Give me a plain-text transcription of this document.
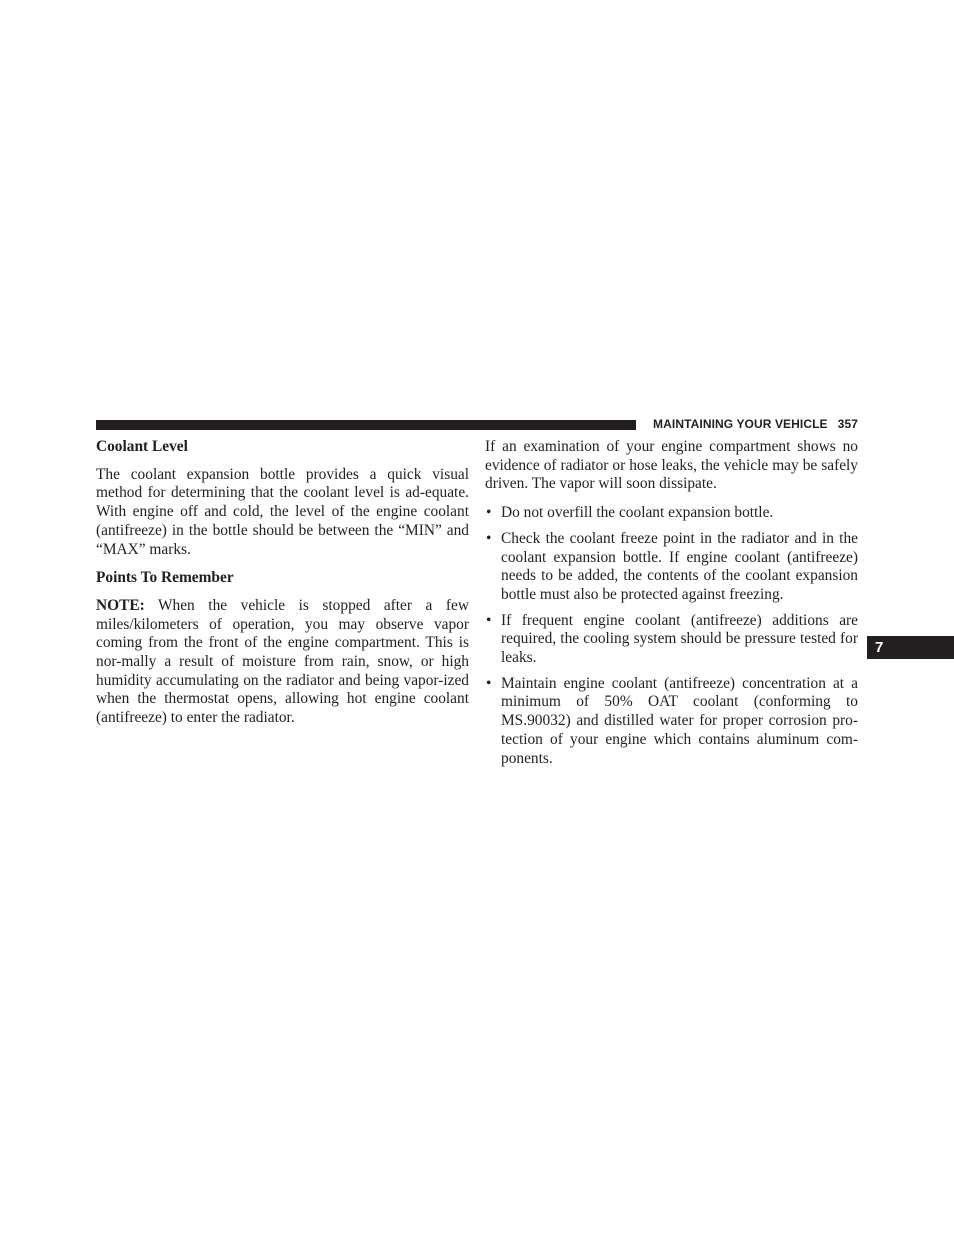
MAINTAINING YOUR VEHICLE 357
7
Coolant Level

The coolant expansion bottle provides a quick visual method for determining that the coolant level is ad-equate. With engine off and cold, the level of the engine coolant (antifreeze) in the bottle should be between the “MIN” and “MAX” marks.

Points To Remember

NOTE: When the vehicle is stopped after a few miles/kilometers of operation, you may observe vapor coming from the front of the engine compartment. This is nor-mally a result of moisture from rain, snow, or high humidity accumulating on the radiator and being vapor-ized when the thermostat opens, allowing hot engine coolant (antifreeze) to enter the radiator.

If an examination of your engine compartment shows no evidence of radiator or hose leaks, the vehicle may be safely driven. The vapor will soon dissipate.

• Do not overfill the coolant expansion bottle.
• Check the coolant freeze point in the radiator and in the coolant expansion bottle. If engine coolant (antifreeze) needs to be added, the contents of the coolant expansion bottle must also be protected against freezing.
• If frequent engine coolant (antifreeze) additions are required, the cooling system should be pressure tested for leaks.
• Maintain engine coolant (antifreeze) concentration at a minimum of 50% OAT coolant (conforming to MS.90032) and distilled water for proper corrosion pro-tection of your engine which contains aluminum com-ponents.
